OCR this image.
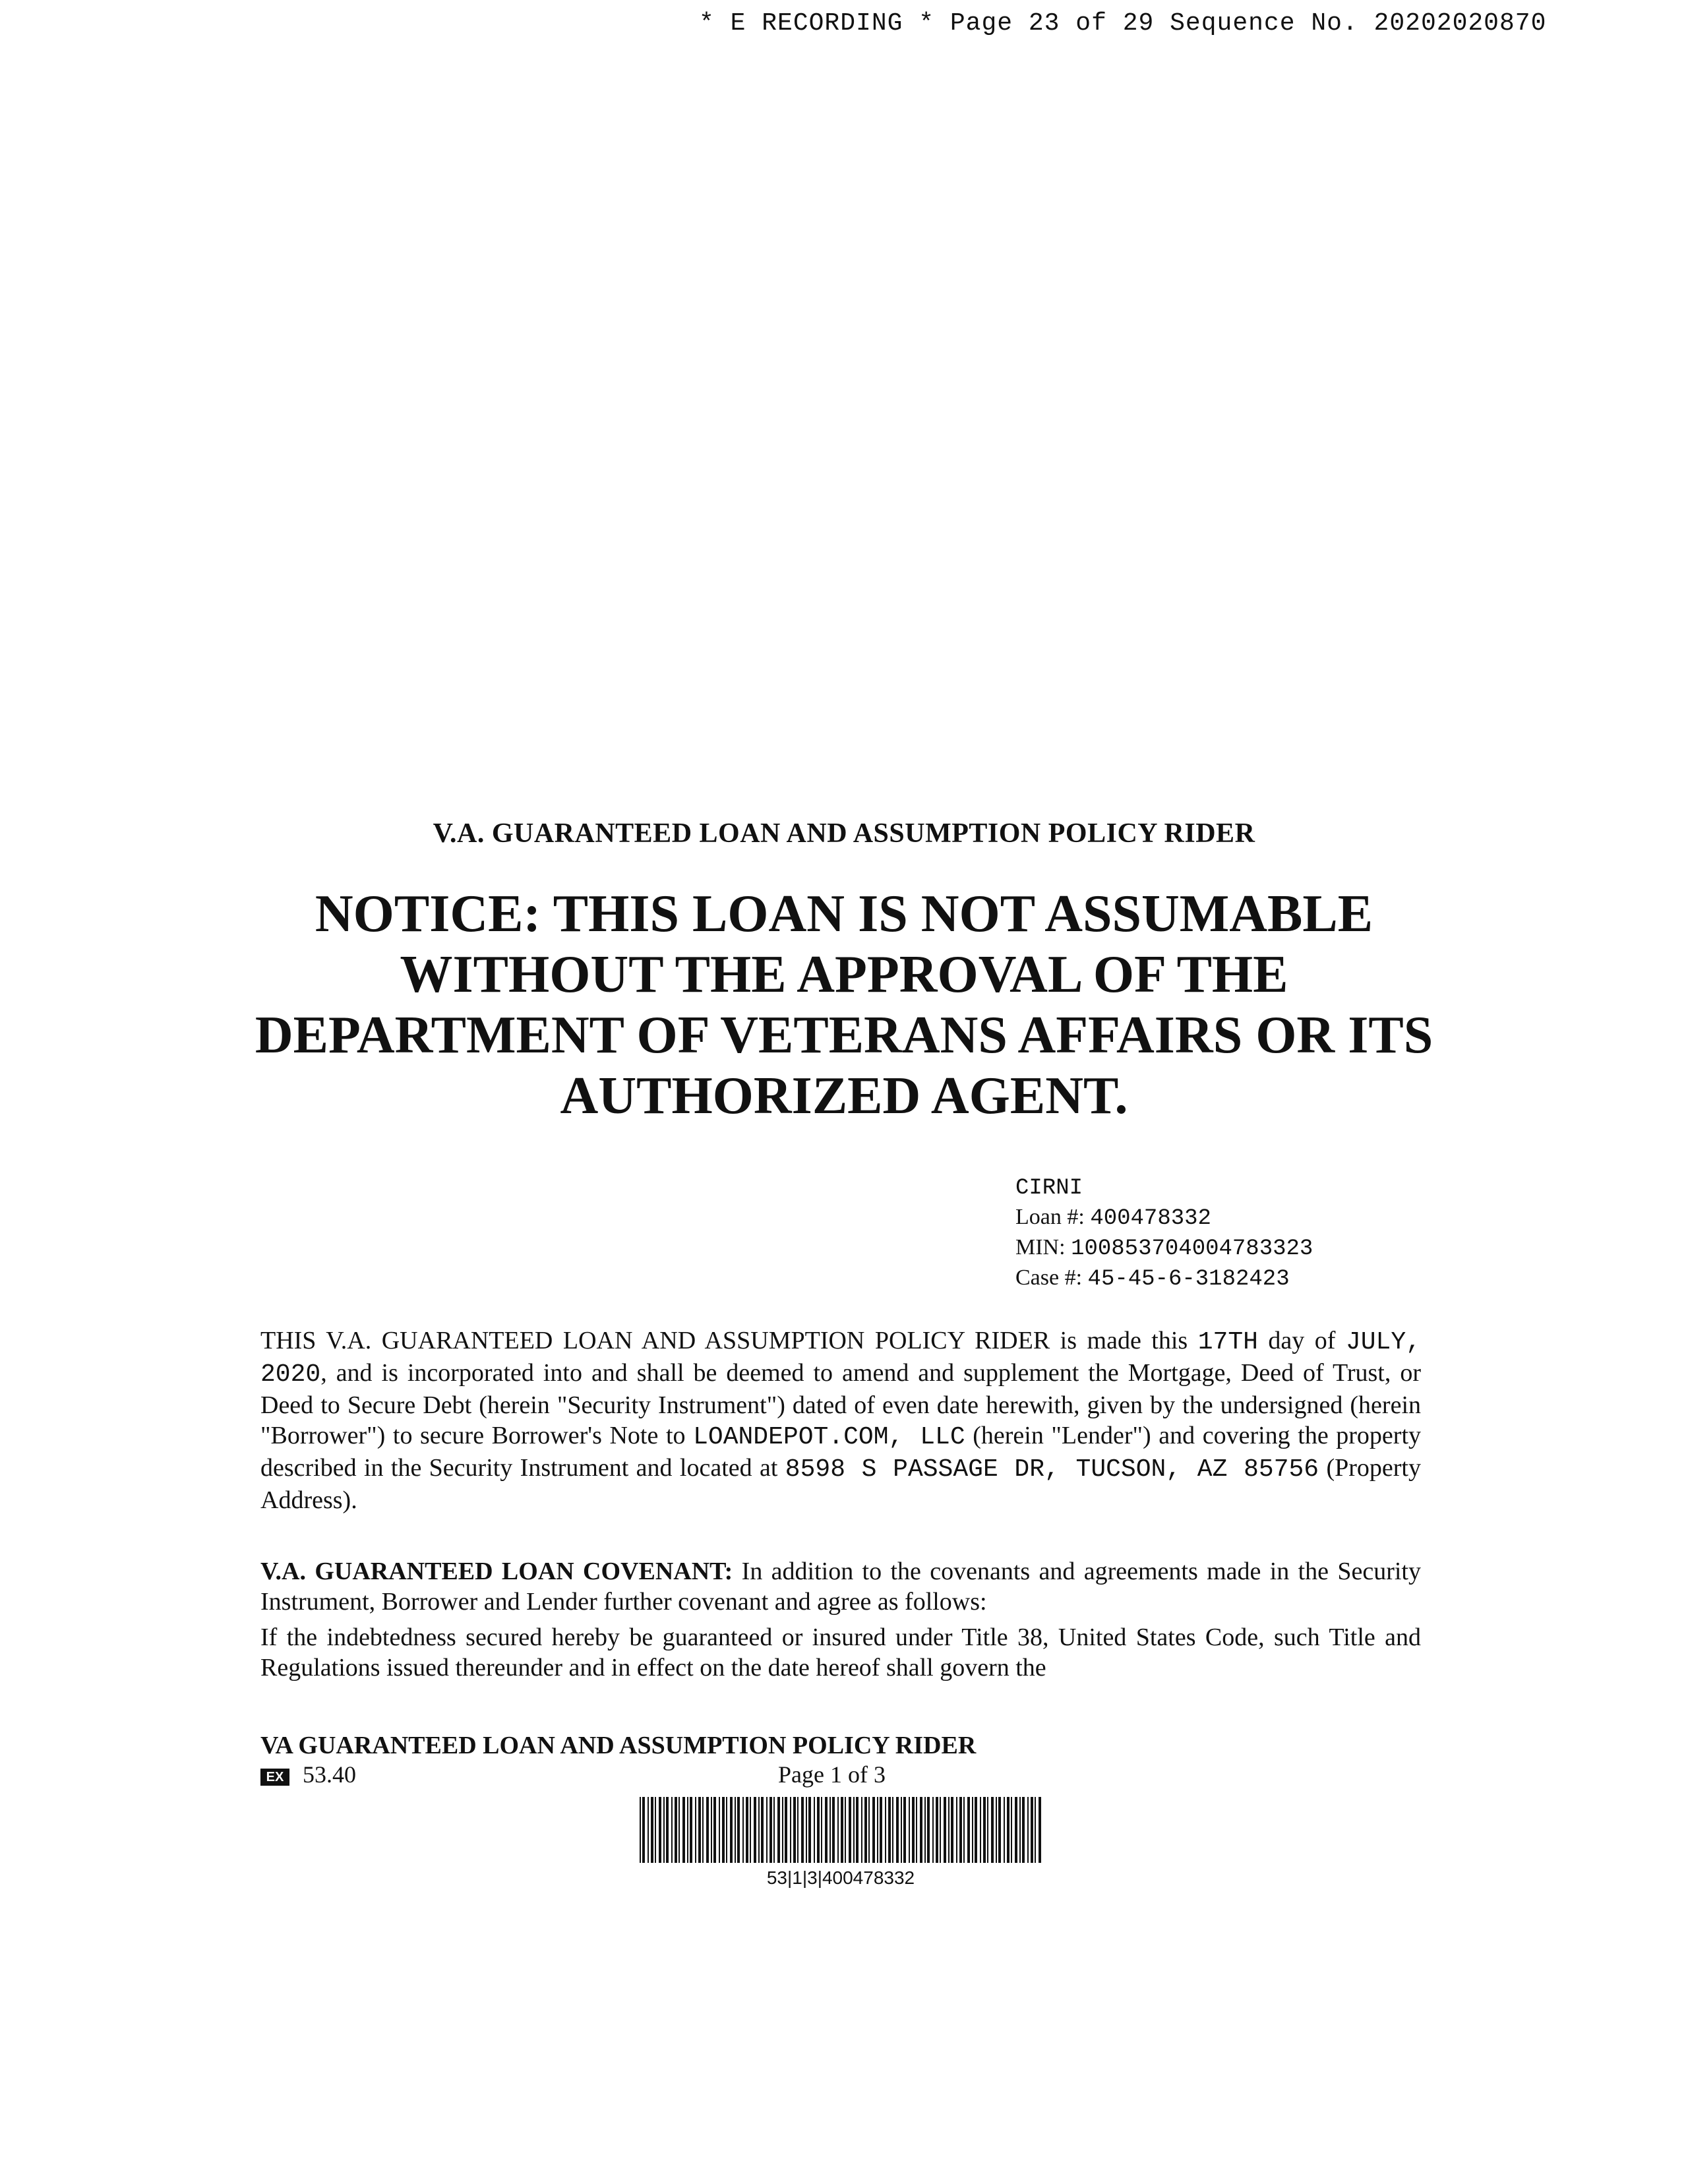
* E RECORDING * Page 23 of 29 Sequence No. 20202020870
V.A. GUARANTEED LOAN AND ASSUMPTION POLICY RIDER
NOTICE: THIS LOAN IS NOT ASSUMABLE WITHOUT THE APPROVAL OF THE DEPARTMENT OF VETERANS AFFAIRS OR ITS AUTHORIZED AGENT.
CIRNI
Loan #: 400478332
MIN: 100853704004783323
Case #: 45-45-6-3182423
THIS V.A. GUARANTEED LOAN AND ASSUMPTION POLICY RIDER is made this 17TH day of JULY, 2020, and is incorporated into and shall be deemed to amend and supplement the Mortgage, Deed of Trust, or Deed to Secure Debt (herein "Security Instrument") dated of even date herewith, given by the undersigned (herein "Borrower") to secure Borrower's Note to LOANDEPOT.COM, LLC (herein "Lender") and covering the property described in the Security Instrument and located at 8598 S PASSAGE DR, TUCSON, AZ 85756 (Property Address).
V.A. GUARANTEED LOAN COVENANT: In addition to the covenants and agreements made in the Security Instrument, Borrower and Lender further covenant and agree as follows:
If the indebtedness secured hereby be guaranteed or insured under Title 38, United States Code, such Title and Regulations issued thereunder and in effect on the date hereof shall govern the
VA GUARANTEED LOAN AND ASSUMPTION POLICY RIDER
EX 53.40	Page 1 of 3
53|1|3|400478332
